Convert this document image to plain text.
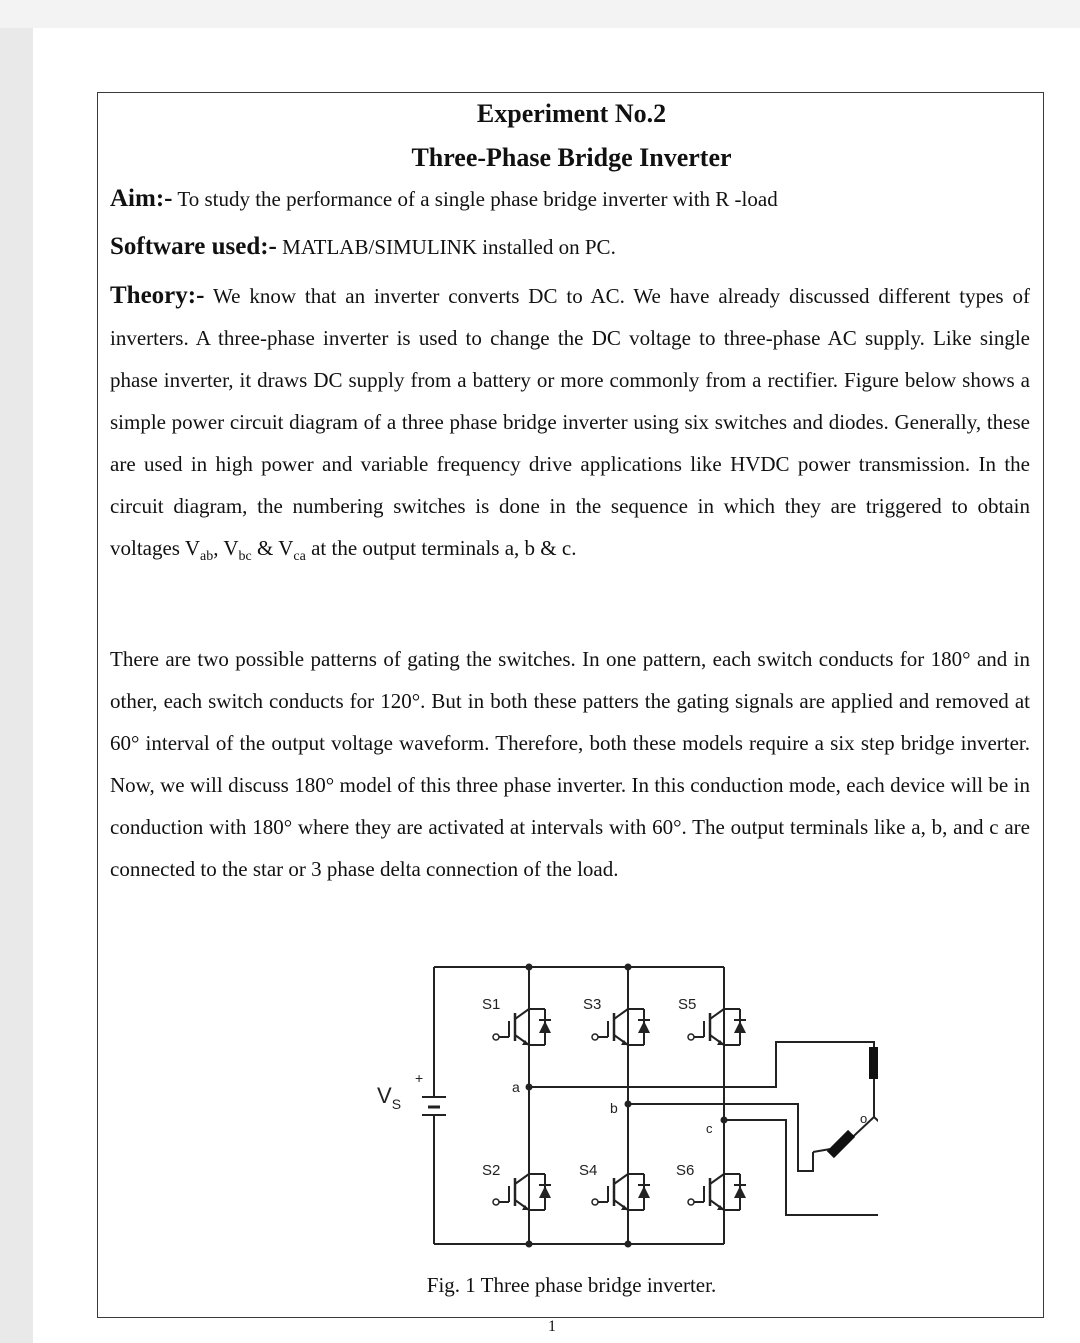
Experiment No.2
Three-Phase Bridge Inverter
Aim:- To study the performance of a single phase bridge inverter with R -load
Software used:- MATLAB/SIMULINK installed on PC.
Theory:- We know that an inverter converts DC to AC. We have already discussed different types of inverters. A three-phase inverter is used to change the DC voltage to three-phase AC supply. Like single phase inverter, it draws DC supply from a battery or more commonly from a rectifier. Figure below shows a simple power circuit diagram of a three phase bridge inverter using six switches and diodes. Generally, these are used in high power and variable frequency drive applications like HVDC power transmission. In the circuit diagram, the numbering switches is done in the sequence in which they are triggered to obtain voltages $V_{ab}$, $V_{bc}$ & $V_{ca}$ at the output terminals a, b & c.
There are two possible patterns of gating the switches. In one pattern, each switch conducts for 180° and in other, each switch conducts for 120°. But in both these patters the gating signals are applied and removed at 60° interval of the output voltage waveform. Therefore, both these models require a six step bridge inverter. Now, we will discuss 180° model of this three phase inverter. In this conduction mode, each device will be in conduction with 180° where they are activated at intervals with 60°. The output terminals like a, b, and c are connected to the star or 3 phase delta connection of the load.
$V_S$
+
S1	S3	S5
S2	S4	S6
a
b
c
o
Fig. 1 Three phase bridge inverter.
1
